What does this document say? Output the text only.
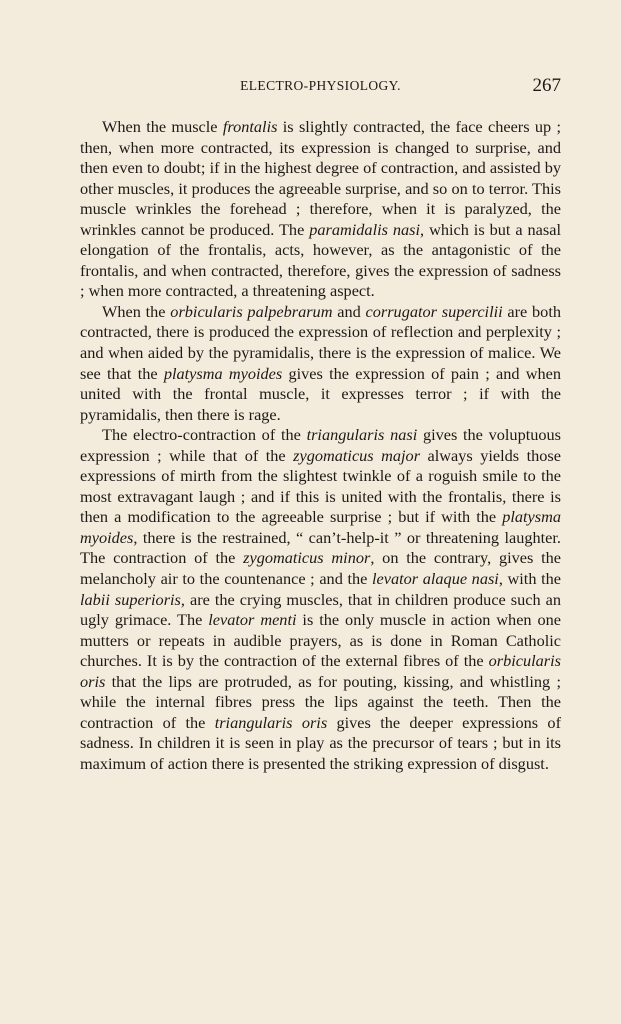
ELECTRO-PHYSIOLOGY.	267

When the muscle frontalis is slightly contracted, the face cheers up ; then, when more contracted, its expression is changed to surprise, and then even to doubt; if in the highest degree of contraction, and assisted by other muscles, it produces the agreeable surprise, and so on to terror. This muscle wrinkles the forehead ; therefore, when it is paralyzed, the wrinkles cannot be produced. The paramidalis nasi, which is but a nasal elongation of the frontalis, acts, however, as the antagonistic of the frontalis, and when contracted, therefore, gives the expression of sadness ; when more contracted, a threatening aspect.

When the orbicularis palpebrarum and corrugator supercilii are both contracted, there is produced the expression of reflection and perplexity ; and when aided by the pyramidalis, there is the expression of malice. We see that the platysma myoides gives the expression of pain ; and when united with the frontal muscle, it expresses terror ; if with the pyramidalis, then there is rage.

The electro-contraction of the triangularis nasi gives the voluptuous expression ; while that of the zygomaticus major always yields those expressions of mirth from the slightest twinkle of a roguish smile to the most extravagant laugh ; and if this is united with the frontalis, there is then a modification to the agreeable surprise ; but if with the platysma myoides, there is the restrained, “ can’t-help-it ” or threatening laughter. The contraction of the zygomaticus minor, on the contrary, gives the melancholy air to the countenance ; and the levator alaque nasi, with the labii superioris, are the crying muscles, that in children produce such an ugly grimace. The levator menti is the only muscle in action when one mutters or repeats in audible prayers, as is done in Roman Catholic churches. It is by the contraction of the external fibres of the orbicularis oris that the lips are protruded, as for pouting, kissing, and whistling ; while the internal fibres press the lips against the teeth. Then the contraction of the triangularis oris gives the deeper expressions of sadness. In children it is seen in play as the precursor of tears ; but in its maximum of action there is presented the striking expression of disgust.
